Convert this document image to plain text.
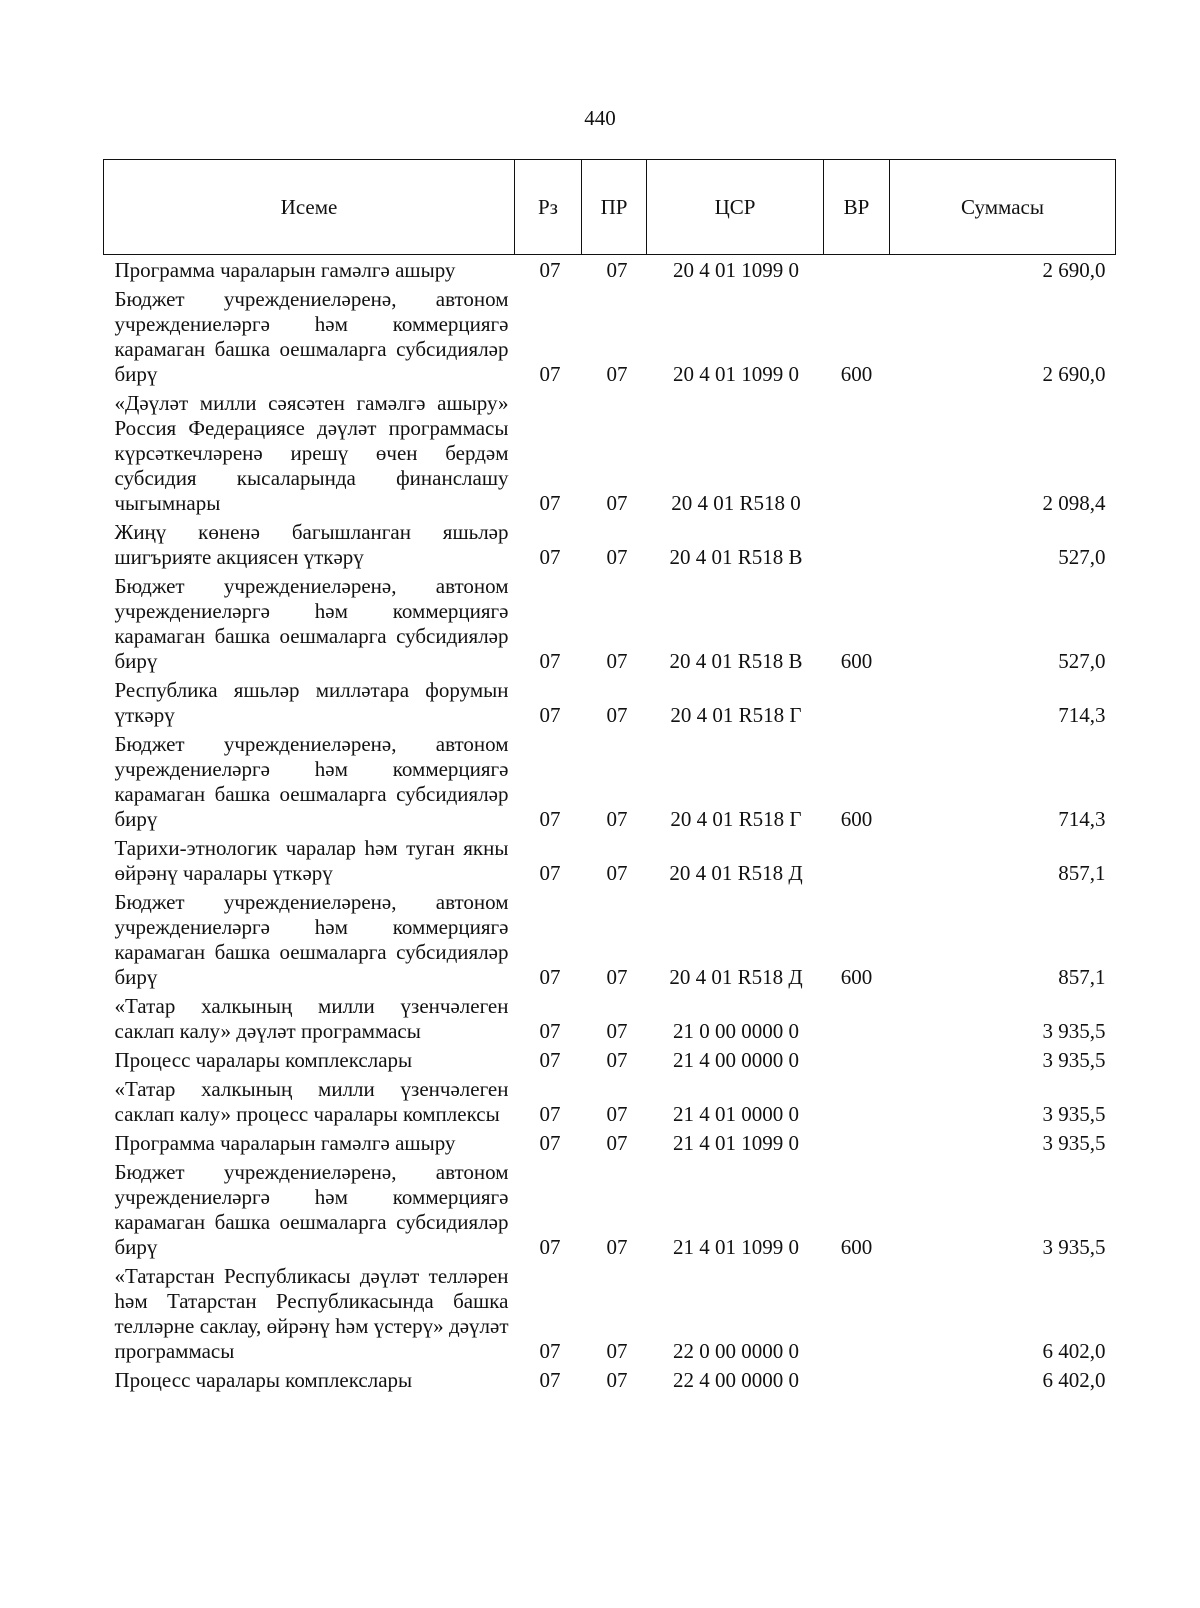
440
Исеме	Рз	ПР	ЦСР	ВР	Суммасы
Программа чараларын гамәлгә ашыру	07	07	20 4 01 1099 0		2 690,0
Бюджет учреждениеләренә, автоном учреждениеләргә һәм коммерциягә карамаган башка оешмаларга субсидияләр бирү	07	07	20 4 01 1099 0	600	2 690,0
«Дәүләт милли сәясәтен гамәлгә ашыру» Россия Федерациясе дәүләт программасы күрсәткечләренә ирешү өчен бердәм субсидия кысаларында финанслашу чыгымнары	07	07	20 4 01 R518 0		2 098,4
Жиңү көненә багышланган яшьләр шигърияте акциясен үткәрү	07	07	20 4 01 R518 В		527,0
Бюджет учреждениеләренә, автоном учреждениеләргә һәм коммерциягә карамаган башка оешмаларга субсидияләр бирү	07	07	20 4 01 R518 В	600	527,0
Республика яшьләр милләтара форумын үткәрү	07	07	20 4 01 R518 Г		714,3
Бюджет учреждениеләренә, автоном учреждениеләргә һәм коммерциягә карамаган башка оешмаларга субсидияләр бирү	07	07	20 4 01 R518 Г	600	714,3
Тарихи-этнологик чаралар һәм туган якны өйрәнү чаралары үткәрү	07	07	20 4 01 R518 Д		857,1
Бюджет учреждениеләренә, автоном учреждениеләргә һәм коммерциягә карамаган башка оешмаларга субсидияләр бирү	07	07	20 4 01 R518 Д	600	857,1
«Татар халкының милли үзенчәлеген саклап калу» дәүләт программасы	07	07	21 0 00 0000 0		3 935,5
Процесс чаралары комплекслары	07	07	21 4 00 0000 0		3 935,5
«Татар халкының милли үзенчәлеген саклап калу» процесс чаралары комплексы	07	07	21 4 01 0000 0		3 935,5
Программа чараларын гамәлгә ашыру	07	07	21 4 01 1099 0		3 935,5
Бюджет учреждениеләренә, автоном учреждениеләргә һәм коммерциягә карамаган башка оешмаларга субсидияләр бирү	07	07	21 4 01 1099 0	600	3 935,5
«Татарстан Республикасы дәүләт телләрен һәм Татарстан Республикасында башка телләрне саклау, өйрәнү һәм үстерү» дәүләт программасы	07	07	22 0 00 0000 0		6 402,0
Процесс чаралары комплекслары	07	07	22 4 00 0000 0		6 402,0
